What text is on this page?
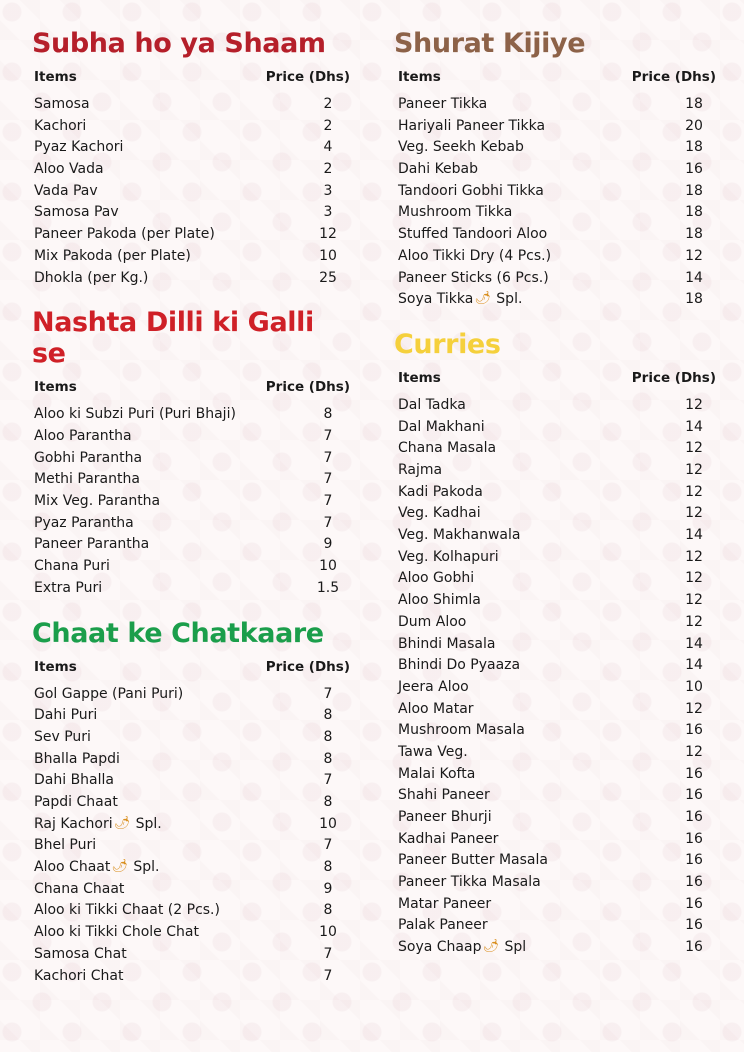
Subha ho ya Shaam
Items	Price (Dhs)
Samosa	2
Kachori	2
Pyaz Kachori	4
Aloo Vada	2
Vada Pav	3
Samosa Pav	3
Paneer Pakoda (per Plate)	12
Mix Pakoda (per Plate)	10
Dhokla (per Kg.)	25
Nashta Dilli ki Galli se
Items	Price (Dhs)
Aloo ki Subzi Puri (Puri Bhaji)	8
Aloo Parantha	7
Gobhi Parantha	7
Methi Parantha	7
Mix Veg. Parantha	7
Pyaz Parantha	7
Paneer Parantha	9
Chana Puri	10
Extra Puri	1.5
Chaat ke Chatkaare
Items	Price (Dhs)
Gol Gappe (Pani Puri)	7
Dahi Puri	8
Sev Puri	8
Bhalla Papdi	8
Dahi Bhalla	7
Papdi Chaat	8
Raj Kachori🌶 Spl.	10
Bhel Puri	7
Aloo Chaat🌶 Spl.	8
Chana Chaat	9
Aloo ki Tikki Chaat (2 Pcs.)	8
Aloo ki Tikki Chole Chat	10
Samosa Chat	7
Kachori Chat	7
Shurat Kijiye
Items	Price (Dhs)
Paneer Tikka	18
Hariyali Paneer Tikka	20
Veg. Seekh Kebab	18
Dahi Kebab	16
Tandoori Gobhi Tikka	18
Mushroom Tikka	18
Stuffed Tandoori Aloo	18
Aloo Tikki Dry (4 Pcs.)	12
Paneer Sticks (6 Pcs.)	14
Soya Tikka🌶 Spl.	18
Curries
Items	Price (Dhs)
Dal Tadka	12
Dal Makhani	14
Chana Masala	12
Rajma	12
Kadi Pakoda	12
Veg. Kadhai	12
Veg. Makhanwala	14
Veg. Kolhapuri	12
Aloo Gobhi	12
Aloo Shimla	12
Dum Aloo	12
Bhindi Masala	14
Bhindi Do Pyaaza	14
Jeera Aloo	10
Aloo Matar	12
Mushroom Masala	16
Tawa Veg.	12
Malai Kofta	16
Shahi Paneer	16
Paneer Bhurji	16
Kadhai Paneer	16
Paneer Butter Masala	16
Paneer Tikka Masala	16
Matar Paneer	16
Palak Paneer	16
Soya Chaap🌶 Spl	16
